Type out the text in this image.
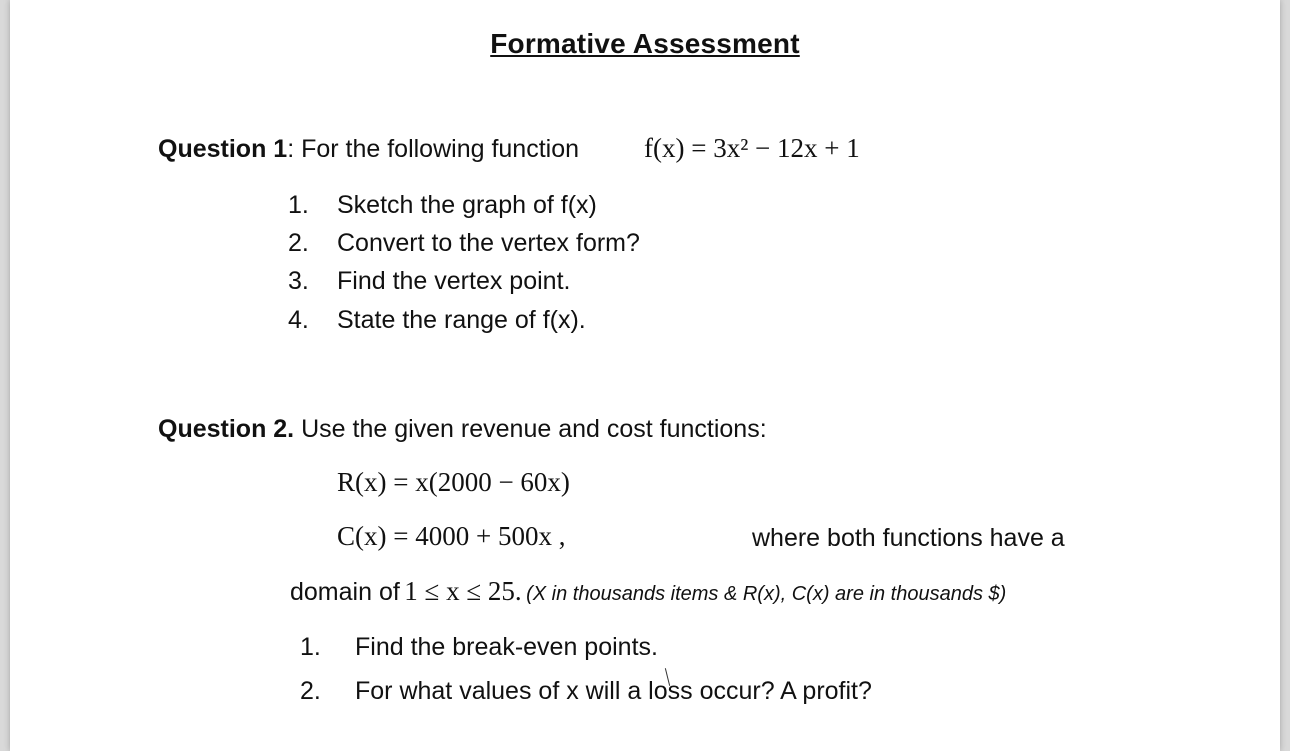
Formative Assessment
Question 1: For the following function f(x) = 3x² − 12x + 1
1. Sketch the graph of f(x)
2. Convert to the vertex form?
3. Find the vertex point.
4. State the range of f(x).
Question 2. Use the given revenue and cost functions:
R(x) = x(2000 − 60x)
C(x) = 4000 + 500x ,	where both functions have a
domain of 1 ≤ x ≤ 25. (X in thousands items & R(x), C(x) are in thousands $)
1. Find the break-even points.
2. For what values of x will a loss occur? A profit?
